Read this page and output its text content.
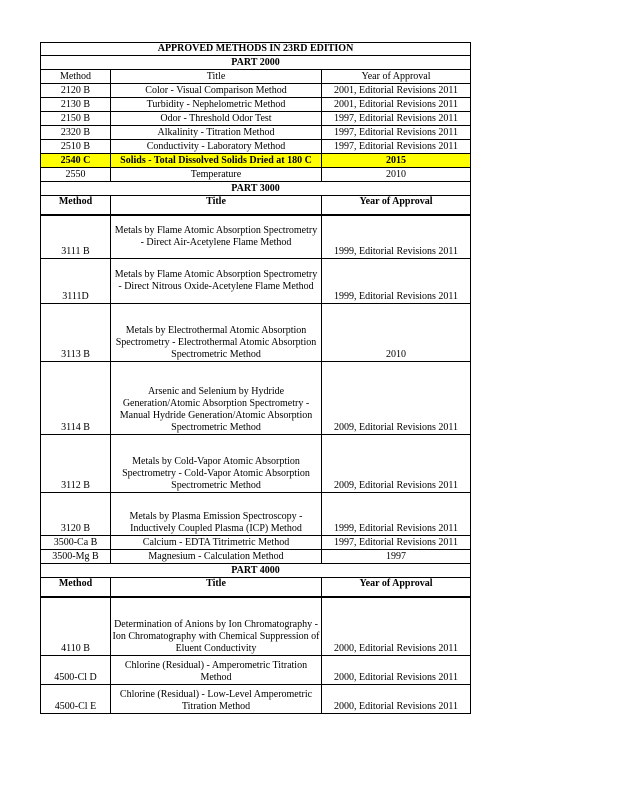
APPROVED METHODS IN 23RD EDITION		
PART 2000		
Method	Title	Year of Approval
2120 B	Color - Visual Comparison Method	2001, Editorial Revisions 2011
2130 B	Turbidity - Nephelometric Method	2001, Editorial Revisions 2011
2150 B	Odor - Threshold Odor Test	1997, Editorial Revisions 2011
2320 B	Alkalinity - Titration Method	1997, Editorial Revisions 2011
2510 B	Conductivity - Laboratory Method	1997, Editorial Revisions 2011
2540 C	Solids - Total Dissolved Solids Dried at 180 C	2015
2550	Temperature	2010
PART 3000		
Method	Title	Year of Approval
3111 B	Metals by Flame Atomic Absorption Spectrometry - Direct Air-Acetylene Flame Method	1999, Editorial Revisions 2011
3111D	Metals by Flame Atomic Absorption Spectrometry - Direct Nitrous Oxide-Acetylene Flame Method	1999, Editorial Revisions 2011
3113 B	Metals by Electrothermal Atomic Absorption Spectrometry - Electrothermal Atomic Absorption Spectrometric Method	2010
3114 B	Arsenic and Selenium by Hydride Generation/Atomic Absorption Spectrometry - Manual Hydride Generation/Atomic Absorption Spectrometric Method	2009, Editorial Revisions 2011
3112 B	Metals by Cold-Vapor Atomic Absorption Spectrometry - Cold-Vapor Atomic Absorption Spectrometric Method	2009, Editorial Revisions 2011
3120 B	Metals by Plasma Emission Spectroscopy - Inductively Coupled Plasma (ICP) Method	1999, Editorial Revisions 2011
3500-Ca B	Calcium - EDTA Titrimetric Method	1997, Editorial Revisions 2011
3500-Mg B	Magnesium - Calculation Method	1997
PART 4000		
Method	Title	Year of Approval
4110 B	Determination of Anions by Ion Chromatography - Ion Chromatography with Chemical Suppression of Eluent Conductivity	2000, Editorial Revisions 2011
4500-Cl D	Chlorine (Residual) - Amperometric Titration Method	2000, Editorial Revisions 2011
4500-Cl E	Chlorine (Residual) - Low-Level Amperometric Titration Method	2000, Editorial Revisions 2011
